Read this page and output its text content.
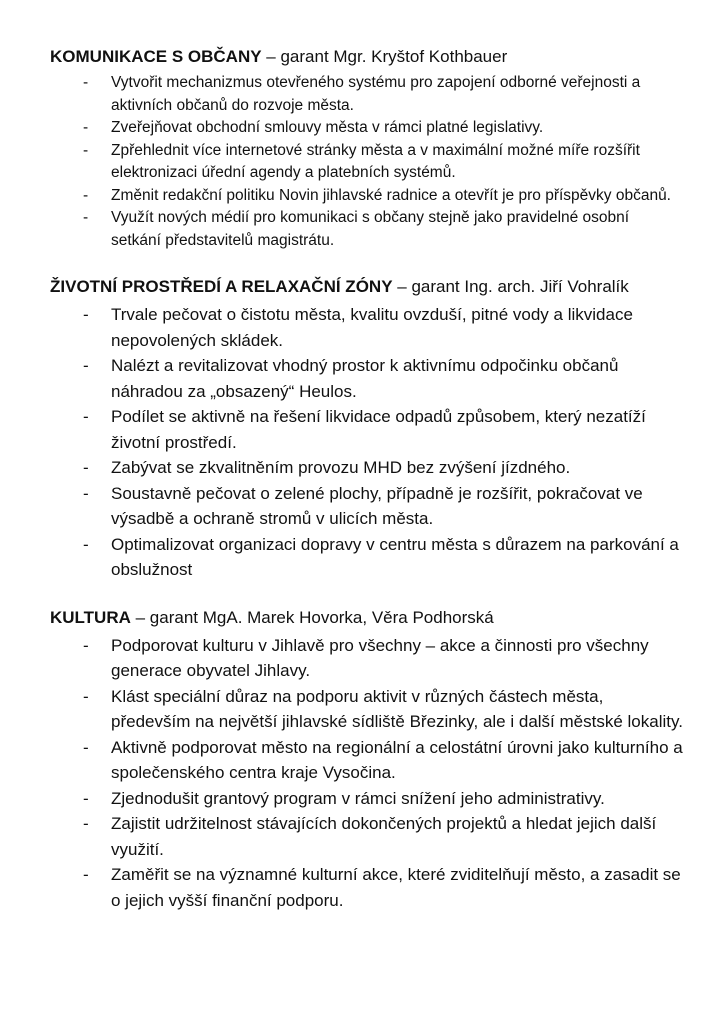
KOMUNIKACE S OBČANY – garant Mgr. Kryštof Kothbauer
- Vytvořit mechanizmus otevřeného systému pro zapojení odborné veřejnosti a aktivních občanů do rozvoje města.
- Zveřejňovat obchodní smlouvy města v rámci platné legislativy.
- Zpřehlednit více internetové stránky města a v maximální možné míře rozšířit elektronizaci úřední agendy a platebních systémů.
- Změnit redakční politiku Novin jihlavské radnice a otevřít je pro příspěvky občanů.
- Využít nových médií pro komunikaci s občany stejně jako pravidelné osobní setkání představitelů magistrátu.
ŽIVOTNÍ PROSTŘEDÍ A RELAXAČNÍ ZÓNY – garant Ing. arch. Jiří Vohralík
- Trvale pečovat o čistotu města, kvalitu ovzduší, pitné vody a likvidace nepovolených skládek.
- Nalézt a revitalizovat vhodný prostor k aktivnímu odpočinku občanů náhradou za „obsazený“ Heulos.
- Podílet se aktivně na řešení likvidace odpadů způsobem, který nezatíží životní prostředí.
- Zabývat se zkvalitněním provozu MHD bez zvýšení jízdného.
- Soustavně pečovat o zelené plochy, případně je rozšířit, pokračovat ve výsadbě a ochraně stromů v ulicích města.
- Optimalizovat organizaci dopravy v centru města s důrazem na parkování a obslužnost
KULTURA – garant MgA. Marek Hovorka, Věra Podhorská
- Podporovat kulturu v Jihlavě pro všechny – akce a činnosti pro všechny generace obyvatel Jihlavy.
- Klást speciální důraz na podporu aktivit v různých částech města, především na největší jihlavské sídliště Březinky, ale i další městské lokality.
- Aktivně podporovat město na regionální a celostátní úrovni jako kulturního a společenského centra kraje Vysočina.
- Zjednodušit grantový program v rámci snížení jeho administrativy.
- Zajistit udržitelnost stávajících dokončených projektů a hledat jejich další využití.
- Zaměřit se na významné kulturní akce, které zviditelňují město, a zasadit se o jejich vyšší finanční podporu.
